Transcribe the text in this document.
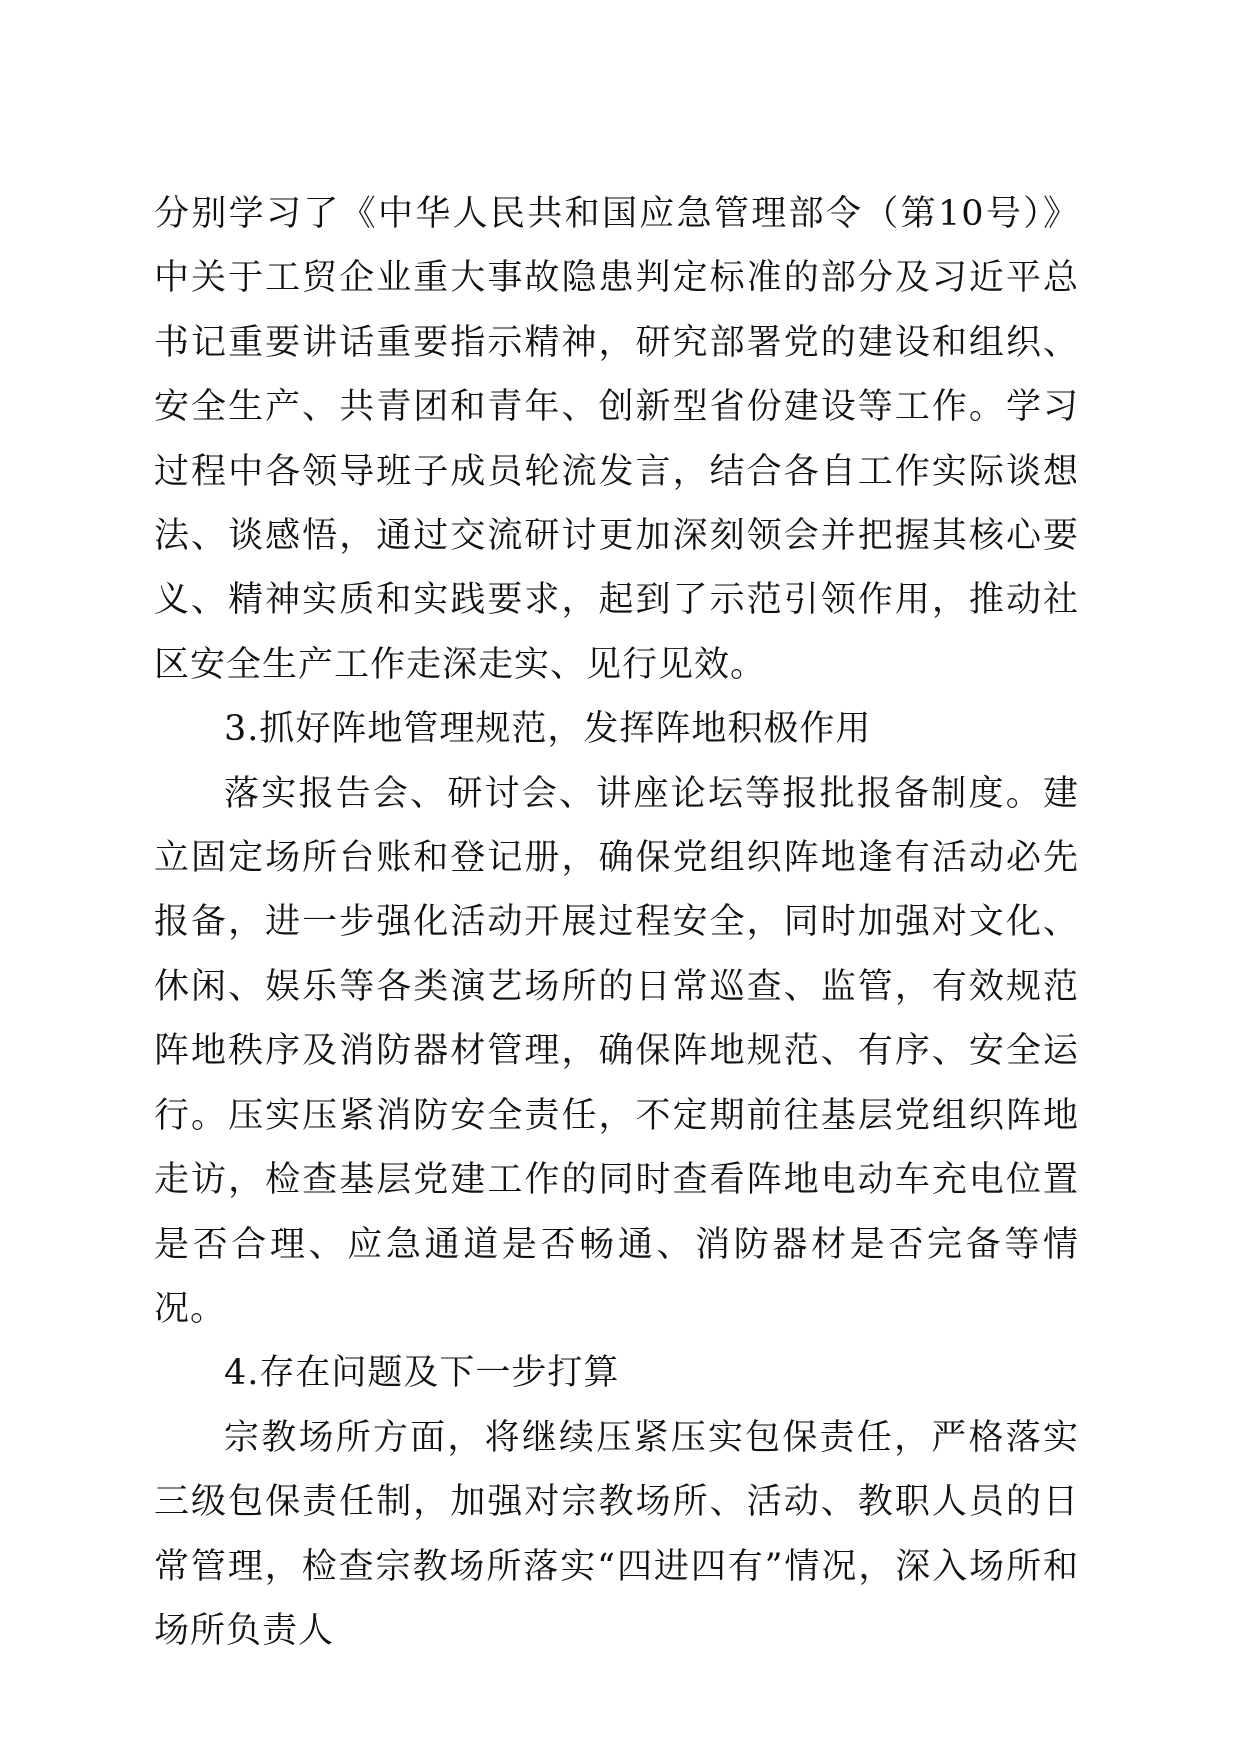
分别学习了《中华人民共和国应急管理部令（第10号）》中关于工贸企业重大事故隐患判定标准的部分及习近平总书记重要讲话重要指示精神，研究部署党的建设和组织、安全生产、共青团和青年、创新型省份建设等工作。学习过程中各领导班子成员轮流发言，结合各自工作实际谈想法、谈感悟，通过交流研讨更加深刻领会并把握其核心要义、精神实质和实践要求，起到了示范引领作用，推动社区安全生产工作走深走实、见行见效。

3.抓好阵地管理规范，发挥阵地积极作用

落实报告会、研讨会、讲座论坛等报批报备制度。建立固定场所台账和登记册，确保党组织阵地逢有活动必先报备，进一步强化活动开展过程安全，同时加强对文化、休闲、娱乐等各类演艺场所的日常巡查、监管，有效规范阵地秩序及消防器材管理，确保阵地规范、有序、安全运行。压实压紧消防安全责任，不定期前往基层党组织阵地走访，检查基层党建工作的同时查看阵地电动车充电位置是否合理、应急通道是否畅通、消防器材是否完备等情况。

4.存在问题及下一步打算

宗教场所方面，将继续压紧压实包保责任，严格落实三级包保责任制，加强对宗教场所、活动、教职人员的日常管理，检查宗教场所落实“四进四有”情况，深入场所和场所负责人
